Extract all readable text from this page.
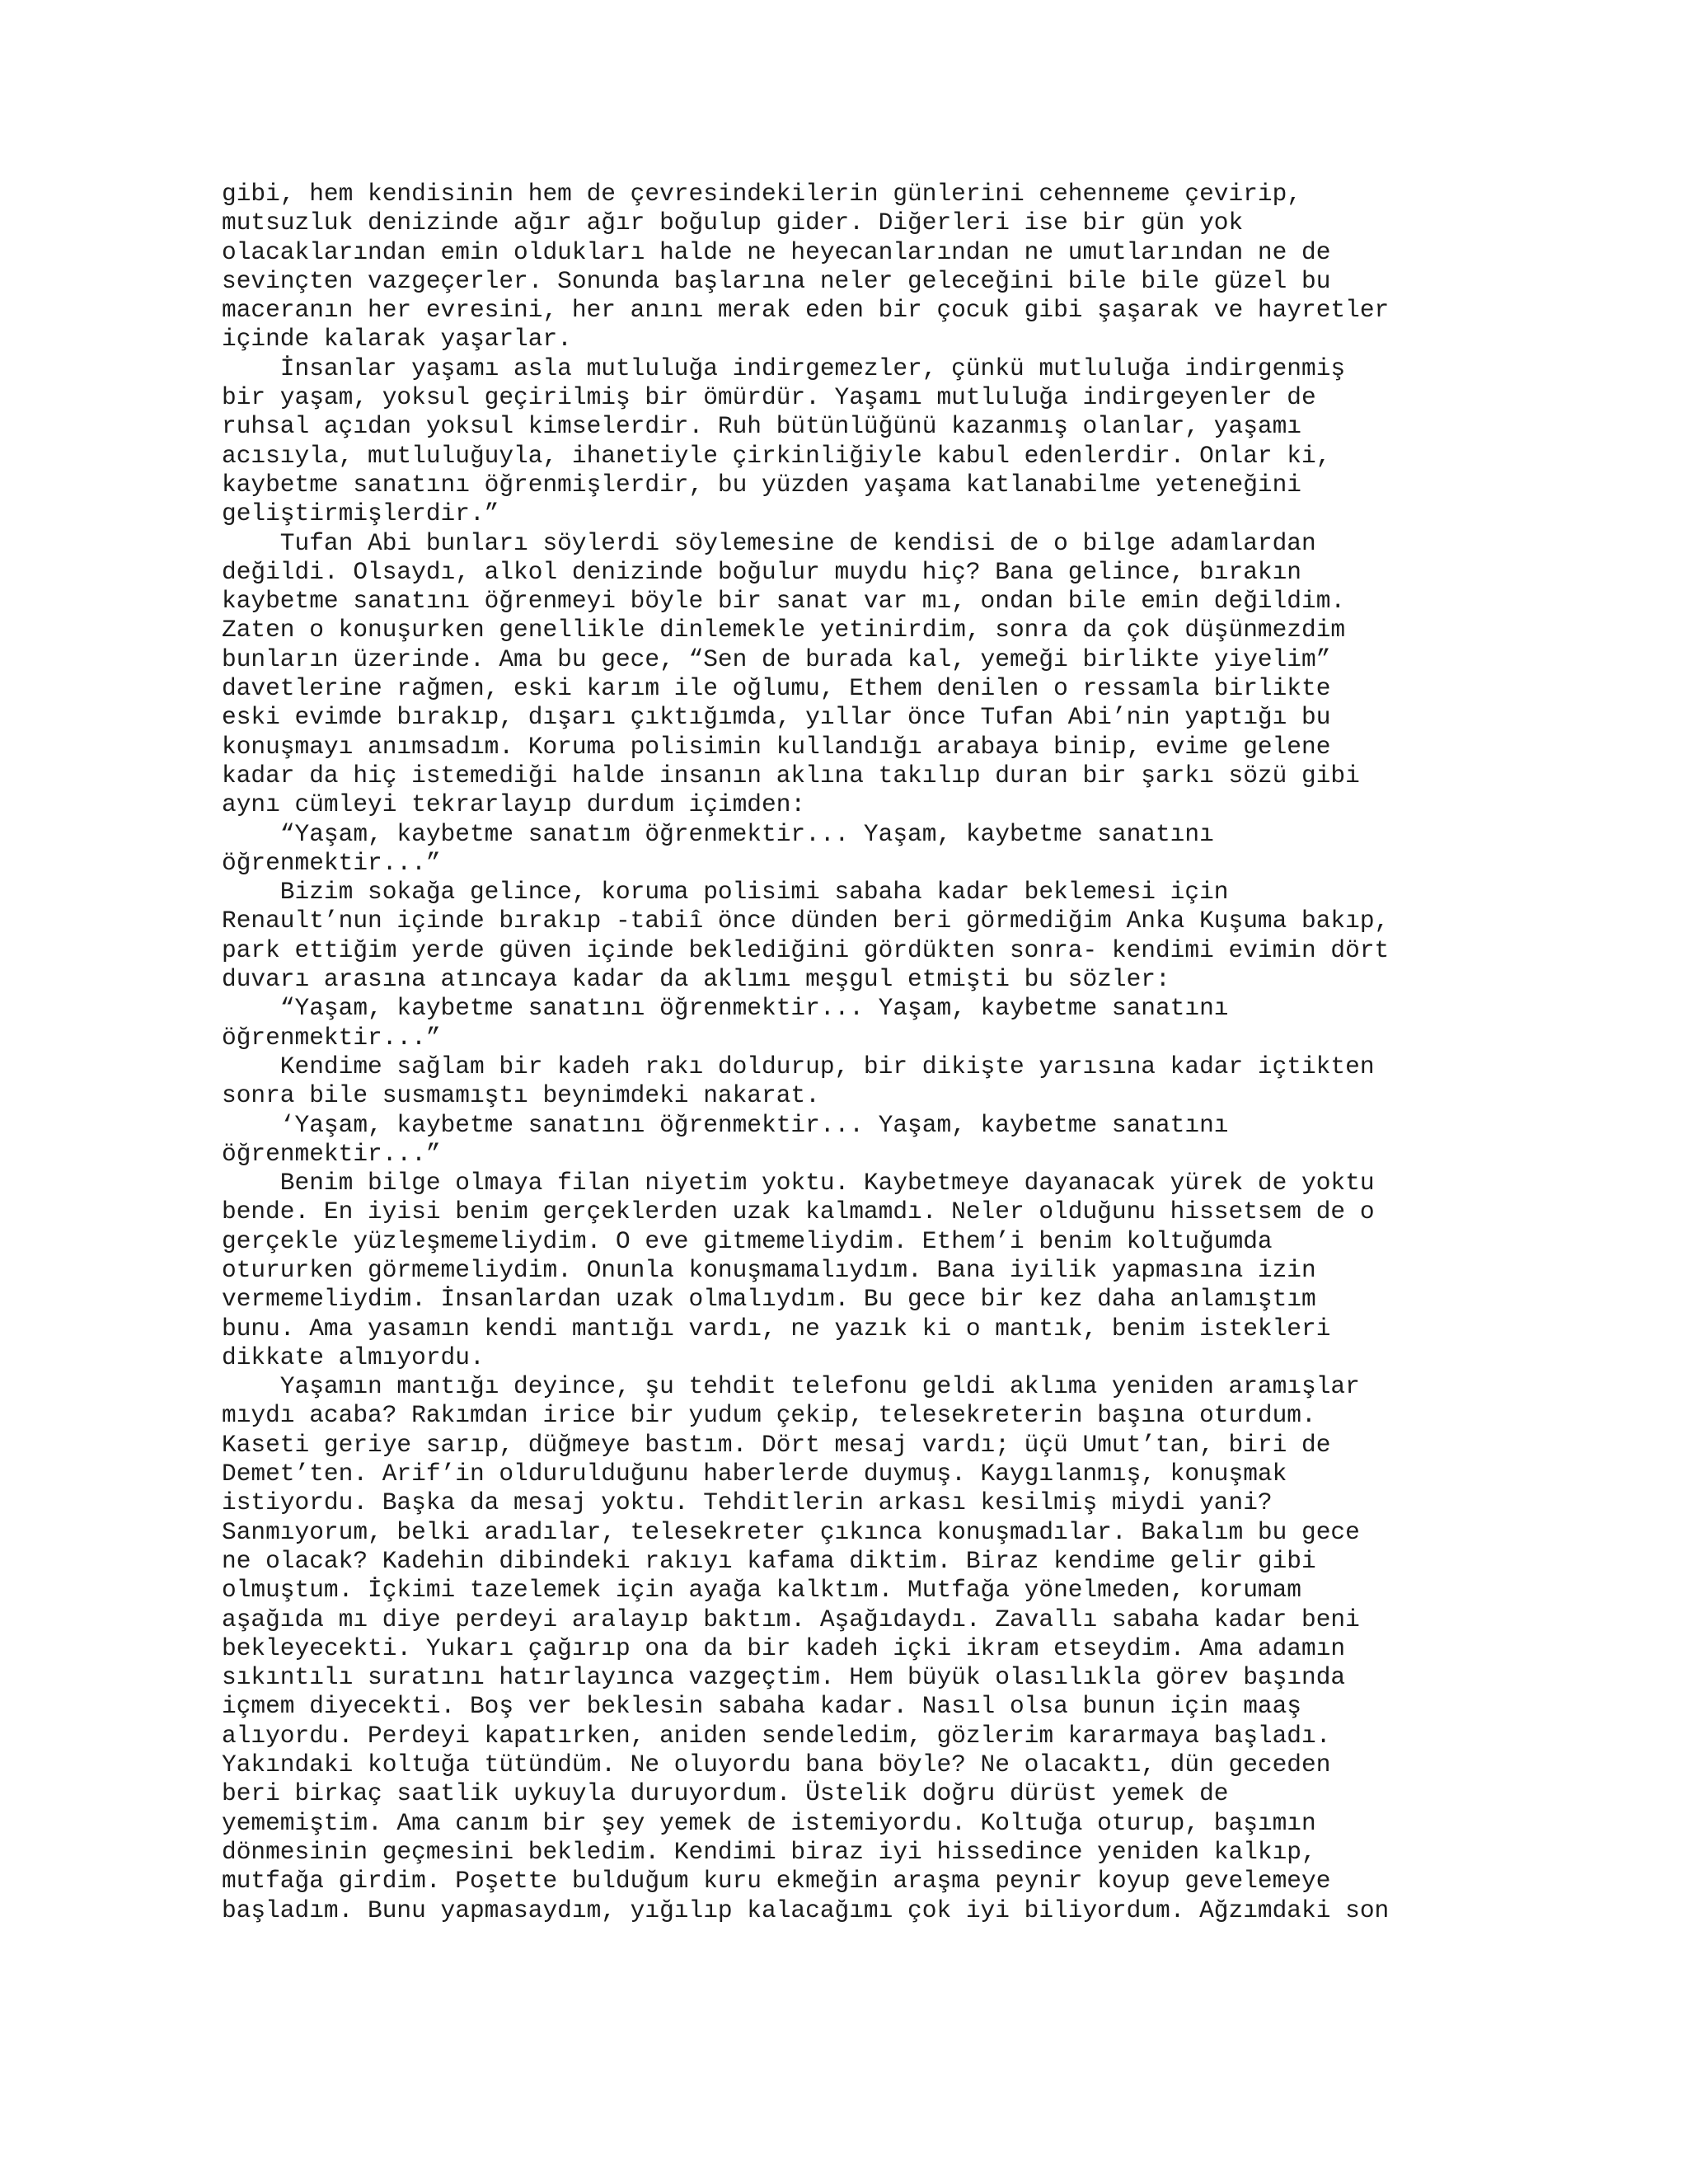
gibi, hem kendisinin hem de çevresindekilerin günlerini cehenneme çevirip,
mutsuzluk denizinde ağır ağır boğulup gider. Diğerleri ise bir gün yok
olacaklarından emin oldukları halde ne heyecanlarından ne umutlarından ne de
sevinçten vazgeçerler. Sonunda başlarına neler geleceğini bile bile güzel bu
maceranın her evresini, her anını merak eden bir çocuk gibi şaşarak ve hayretler
içinde kalarak yaşarlar.
İnsanlar yaşamı asla mutluluğa indirgemezler, çünkü mutluluğa indirgenmiş
bir yaşam, yoksul geçirilmiş bir ömürdür. Yaşamı mutluluğa indirgeyenler de
ruhsal açıdan yoksul kimselerdir. Ruh bütünlüğünü kazanmış olanlar, yaşamı
acısıyla, mutluluğuyla, ihanetiyle çirkinliğiyle kabul edenlerdir. Onlar ki,
kaybetme sanatını öğrenmişlerdir, bu yüzden yaşama katlanabilme yeteneğini
geliştirmişlerdir.”
Tufan Abi bunları söylerdi söylemesine de kendisi de o bilge adamlardan
değildi. Olsaydı, alkol denizinde boğulur muydu hiç? Bana gelince, bırakın
kaybetme sanatını öğrenmeyi böyle bir sanat var mı, ondan bile emin değildim.
Zaten o konuşurken genellikle dinlemekle yetinirdim, sonra da çok düşünmezdim
bunların üzerinde. Ama bu gece, “Sen de burada kal, yemeği birlikte yiyelim”
davetlerine rağmen, eski karım ile oğlumu, Ethem denilen o ressamla birlikte
eski evimde bırakıp, dışarı çıktığımda, yıllar önce Tufan Abi’nin yaptığı bu
konuşmayı anımsadım. Koruma polisimin kullandığı arabaya binip, evime gelene
kadar da hiç istemediği halde insanın aklına takılıp duran bir şarkı sözü gibi
aynı cümleyi tekrarlayıp durdum içimden:
“Yaşam, kaybetme sanatım öğrenmektir... Yaşam, kaybetme sanatını
öğrenmektir...”
Bizim sokağa gelince, koruma polisimi sabaha kadar beklemesi için
Renault’nun içinde bırakıp -tabiî önce dünden beri görmediğim Anka Kuşuma bakıp,
park ettiğim yerde güven içinde beklediğini gördükten sonra- kendimi evimin dört
duvarı arasına atıncaya kadar da aklımı meşgul etmişti bu sözler:
“Yaşam, kaybetme sanatını öğrenmektir... Yaşam, kaybetme sanatını
öğrenmektir...”
Kendime sağlam bir kadeh rakı doldurup, bir dikişte yarısına kadar içtikten
sonra bile susmamıştı beynimdeki nakarat.
‘Yaşam, kaybetme sanatını öğrenmektir... Yaşam, kaybetme sanatını
öğrenmektir...”
Benim bilge olmaya filan niyetim yoktu. Kaybetmeye dayanacak yürek de yoktu
bende. En iyisi benim gerçeklerden uzak kalmamdı. Neler olduğunu hissetsem de o
gerçekle yüzleşmemeliydim. O eve gitmemeliydim. Ethem’i benim koltuğumda
otururken görmemeliydim. Onunla konuşmamalıydım. Bana iyilik yapmasına izin
vermemeliydim. İnsanlardan uzak olmalıydım. Bu gece bir kez daha anlamıştım
bunu. Ama yasamın kendi mantığı vardı, ne yazık ki o mantık, benim istekleri
dikkate almıyordu.
Yaşamın mantığı deyince, şu tehdit telefonu geldi aklıma yeniden aramışlar
mıydı acaba? Rakımdan irice bir yudum çekip, telesekreterin başına oturdum.
Kaseti geriye sarıp, düğmeye bastım. Dört mesaj vardı; üçü Umut’tan, biri de
Demet’ten. Arif’in oldurulduğunu haberlerde duymuş. Kaygılanmış, konuşmak
istiyordu. Başka da mesaj yoktu. Tehditlerin arkası kesilmiş miydi yani?
Sanmıyorum, belki aradılar, telesekreter çıkınca konuşmadılar. Bakalım bu gece
ne olacak? Kadehin dibindeki rakıyı kafama diktim. Biraz kendime gelir gibi
olmuştum. İçkimi tazelemek için ayağa kalktım. Mutfağa yönelmeden, korumam
aşağıda mı diye perdeyi aralayıp baktım. Aşağıdaydı. Zavallı sabaha kadar beni
bekleyecekti. Yukarı çağırıp ona da bir kadeh içki ikram etseydim. Ama adamın
sıkıntılı suratını hatırlayınca vazgeçtim. Hem büyük olasılıkla görev başında
içmem diyecekti. Boş ver beklesin sabaha kadar. Nasıl olsa bunun için maaş
alıyordu. Perdeyi kapatırken, aniden sendeledim, gözlerim kararmaya başladı.
Yakındaki koltuğa tütündüm. Ne oluyordu bana böyle? Ne olacaktı, dün geceden
beri birkaç saatlik uykuyla duruyordum. Üstelik doğru dürüst yemek de
yememiştim. Ama canım bir şey yemek de istemiyordu. Koltuğa oturup, başımın
dönmesinin geçmesini bekledim. Kendimi biraz iyi hissedince yeniden kalkıp,
mutfağa girdim. Poşette bulduğum kuru ekmeğin araşma peynir koyup gevelemeye
başladım. Bunu yapmasaydım, yığılıp kalacağımı çok iyi biliyordum. Ağzımdaki son
